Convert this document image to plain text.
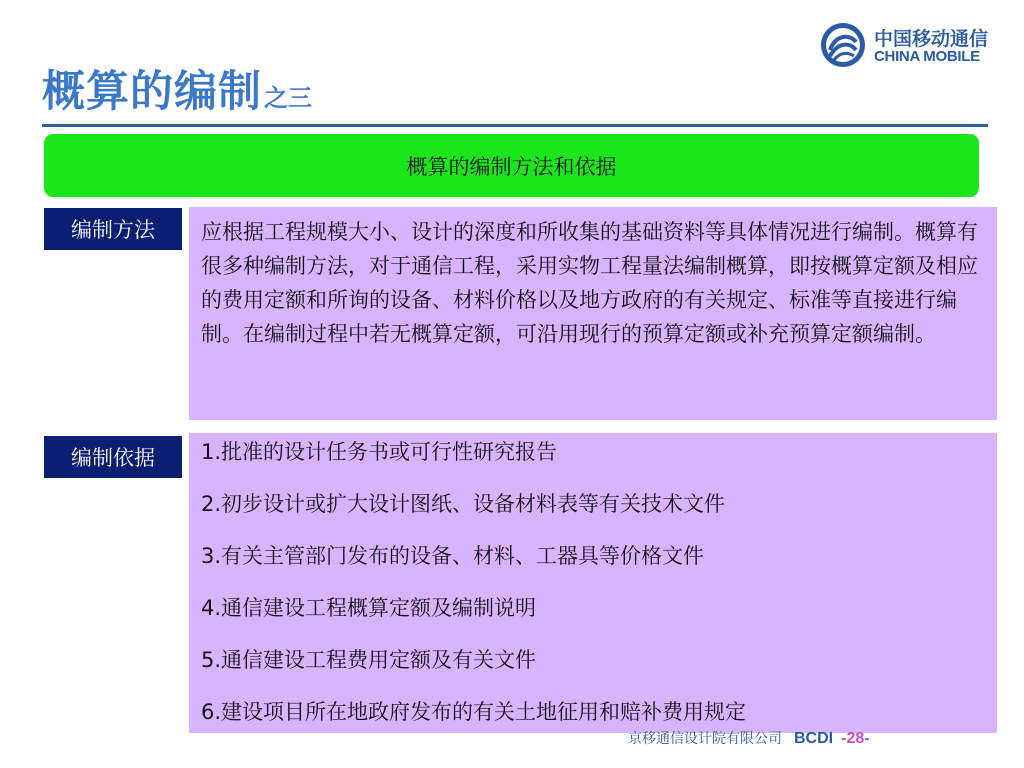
概算的编制之三
中国移动通信
CHINA MOBILE
概算的编制方法和依据
编制方法	应根据工程规模大小、设计的深度和所收集的基础资料等具体情况进行编制。概算有很多种编制方法，对于通信工程，采用实物工程量法编制概算，即按概算定额及相应的费用定额和所询的设备、材料价格以及地方政府的有关规定、标准等直接进行编制。在编制过程中若无概算定额，可沿用现行的预算定额或补充预算定额编制。
编制依据	1.批准的设计任务书或可行性研究报告
2.初步设计或扩大设计图纸、设备材料表等有关技术文件
3.有关主管部门发布的设备、材料、工器具等价格文件
4.通信建设工程概算定额及编制说明
5.通信建设工程费用定额及有关文件
6.建设项目所在地政府发布的有关土地征用和赔补费用规定
京移通信设计院有限公司 BCDI -28-
